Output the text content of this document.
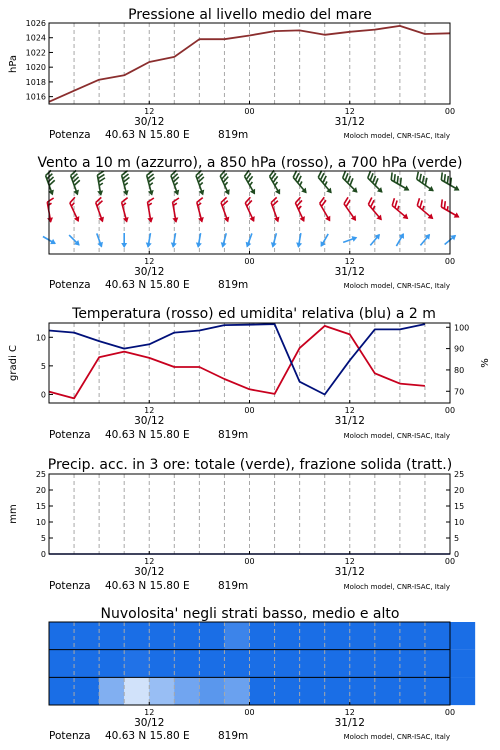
Pressione al livello medio del mare
hPa
1016
1018
1020
1022
1024
1026
12	00	12	00
30/12	31/12
Potenza 40.63 N 15.80 E	819m	Moloch model, CNR-ISAC, Italy
Vento a 10 m (azzurro), a 850 hPa (rosso), a 700 hPa (verde)
12	00	12	00
30/12	31/12
Potenza 40.63 N 15.80 E	819m	Moloch model, CNR-ISAC, Italy
Temperatura (rosso) ed umidita' relativa (blu) a 2 m
gradi C	%
0
5
10
70
80
90
100
12	00	12	00
30/12	31/12
Potenza 40.63 N 15.80 E	819m	Moloch model, CNR-ISAC, Italy
Precip. acc. in 3 ore: totale (verde), frazione solida (tratt.)
mm
0
5
10
15
20
25
0
5
10
15
20
25
12	00	12	00
30/12	31/12
Potenza 40.63 N 15.80 E	819m	Moloch model, CNR-ISAC, Italy
Nuvolosita' negli strati basso, medio e alto
12	00	12	00
30/12	31/12
Potenza 40.63 N 15.80 E	819m	Moloch model, CNR-ISAC, Italy
